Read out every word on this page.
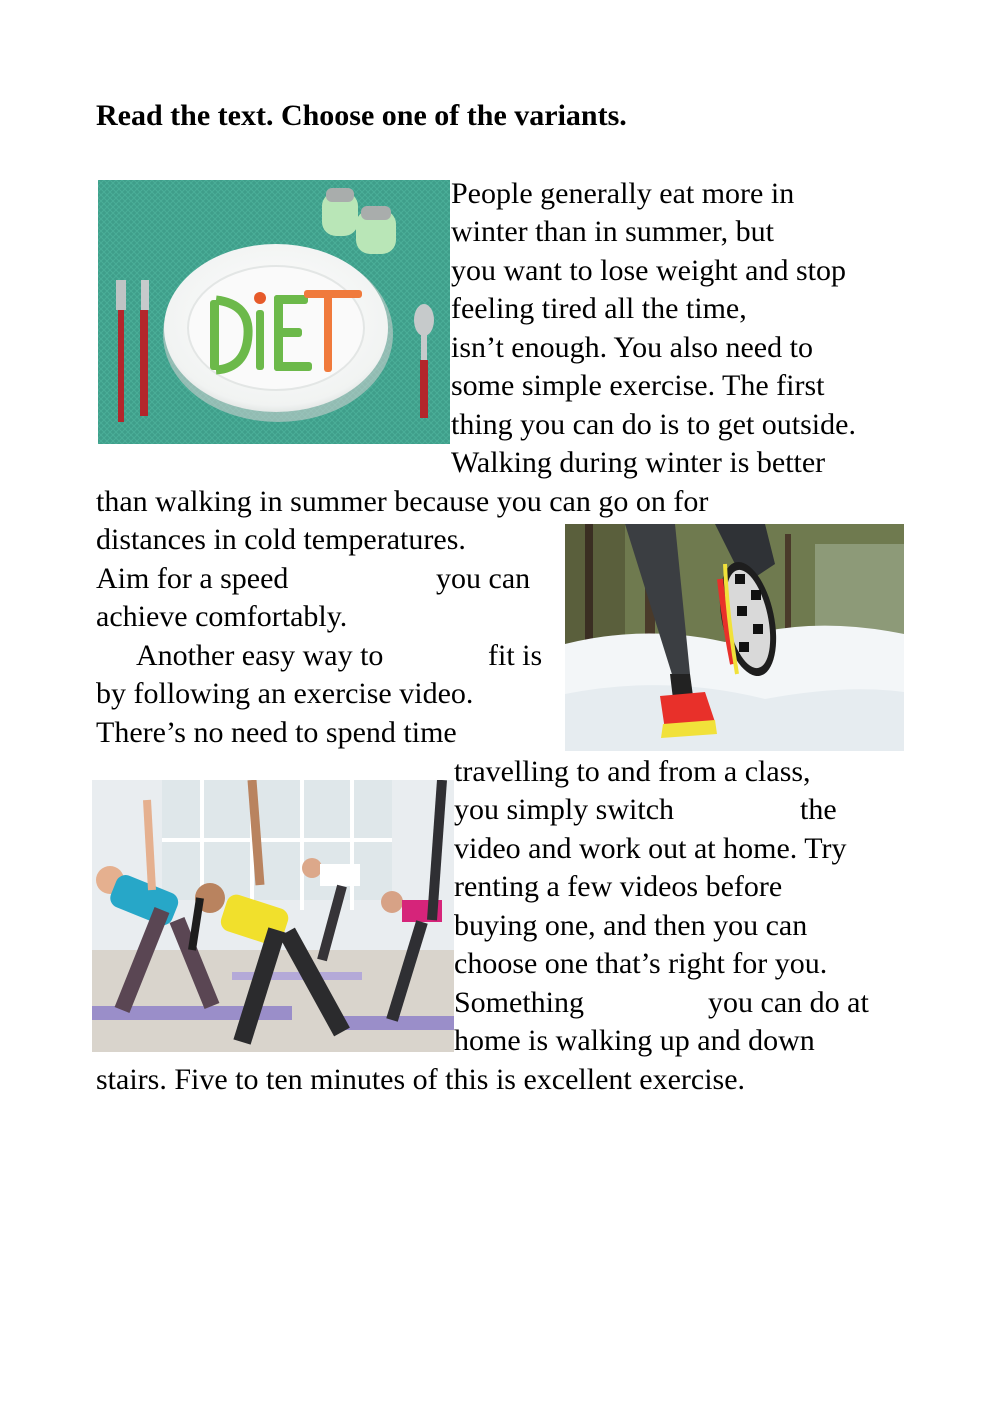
Read the text. Choose one of the variants.
People generally eat more in
winter than in summer, but
you want to lose weight and stop
feeling tired all the time,
isn’t enough. You also need to
some simple exercise. The first
thing you can do is to get outside.
Walking during winter is better
than walking in summer because you can go on for
distances in cold temperatures.
Aim for a speed	you can
achieve comfortably.
Another easy way to	fit is
by following an exercise video.
There’s no need to spend time
travelling to and from a class,
you simply switch	the
video and work out at home. Try
renting a few videos before
buying one, and then you can
choose one that’s right for you.
Something	you can do at
home is walking up and down
stairs. Five to ten minutes of this is excellent exercise.
